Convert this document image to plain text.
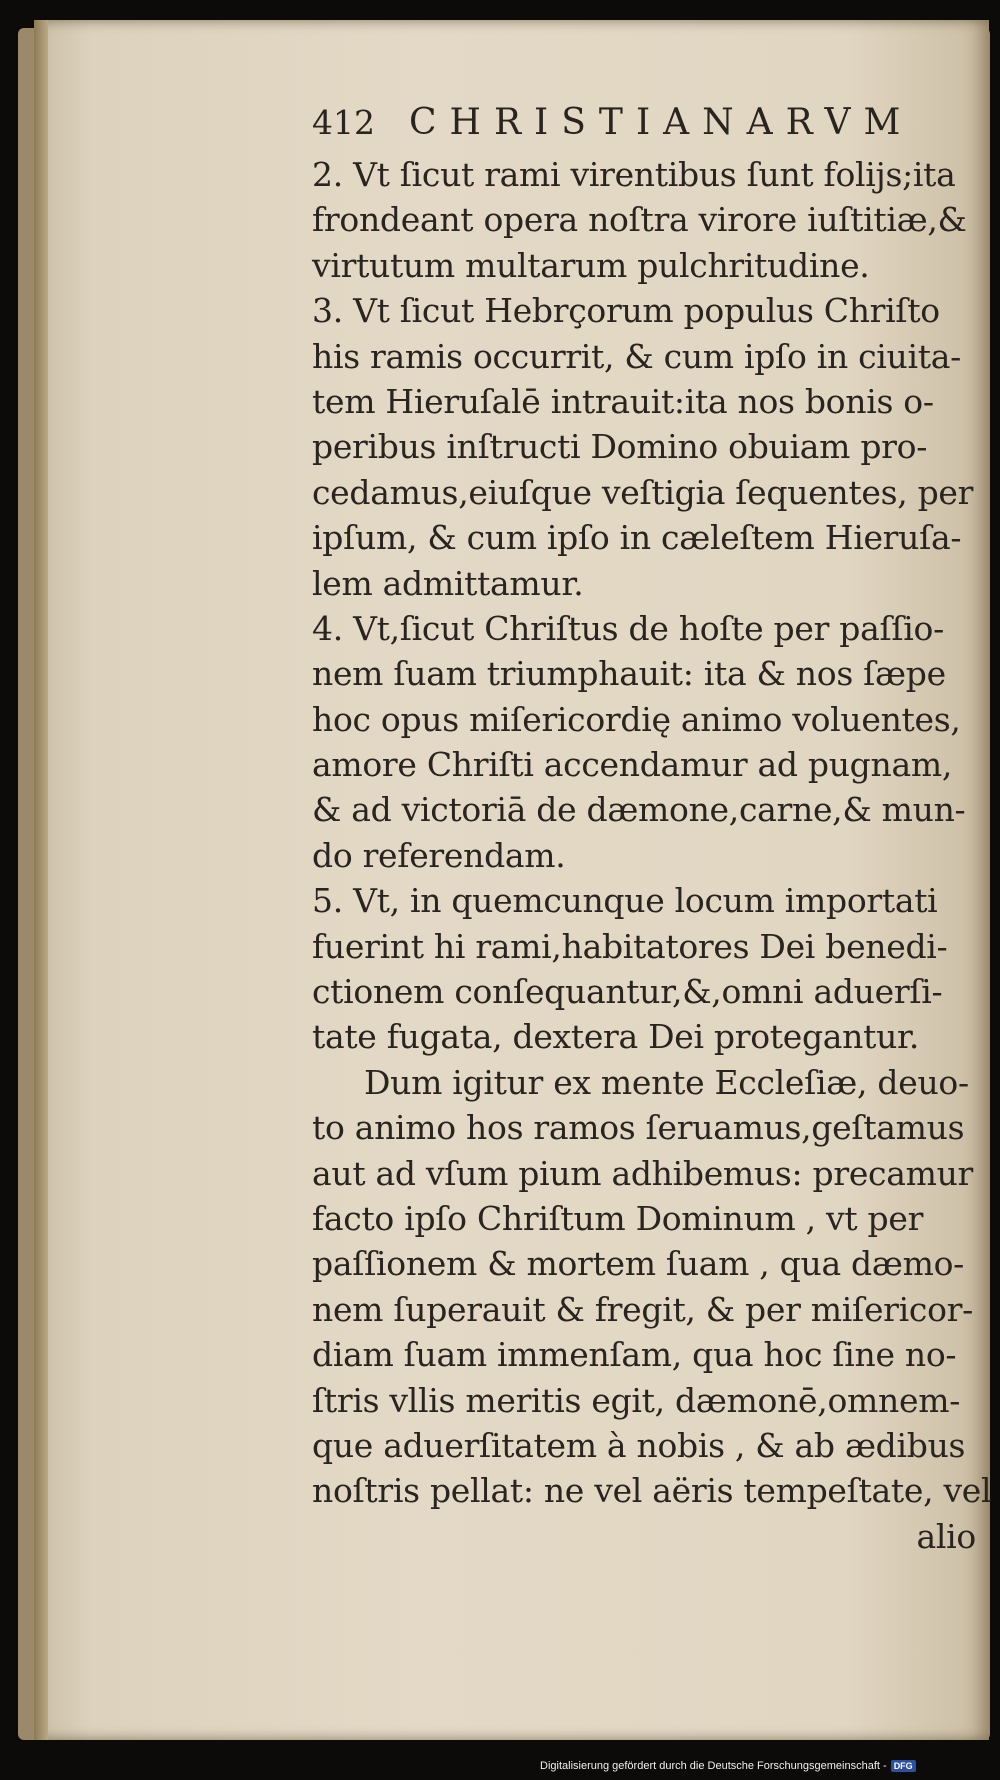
412 CHRISTIANARVM
2. Vt ſicut rami virentibus ſunt folijs;ita
frondeant opera noſtra virore iuſtitiæ,&
virtutum multarum pulchritudine.
3. Vt ſicut Hebrçorum populus Chriſto
his ramis occurrit, & cum ipſo in ciuita-
tem Hieruſalē intrauit:ita nos bonis o-
peribus inſtructi Domino obuiam pro-
cedamus,eiuſque veſtigia ſequentes, per
ipſum, & cum ipſo in cæleſtem Hieruſa-
lem admittamur.
4. Vt,ſicut Chriſtus de hoſte per paſſio-
nem ſuam triumphauit: ita & nos ſæpe
hoc opus miſericordię animo voluentes,
amore Chriſti accendamur ad pugnam,
& ad victoriā de dæmone,carne,& mun-
do referendam.
5. Vt, in quemcunque locum importati
fuerint hi rami,habitatores Dei benedi-
ctionem conſequantur,&,omni aduerſi-
tate fugata, dextera Dei protegantur.
Dum igitur ex mente Eccleſiæ, deuo-
to animo hos ramos ſeruamus,geſtamus
aut ad vſum pium adhibemus: precamur
facto ipſo Chriſtum Dominum , vt per
paſſionem & mortem ſuam , qua dæmo-
nem ſuperauit & fregit, & per miſericor-
diam ſuam immenſam, qua hoc ſine no-
ſtris vllis meritis egit, dæmonē,omnem-
que aduerſitatem à nobis , & ab ædibus
noſtris pellat: ne vel aëris tempeſtate, vel
alio
Digitalisierung gefördert durch die Deutsche Forschungsgemeinschaft - DFG
